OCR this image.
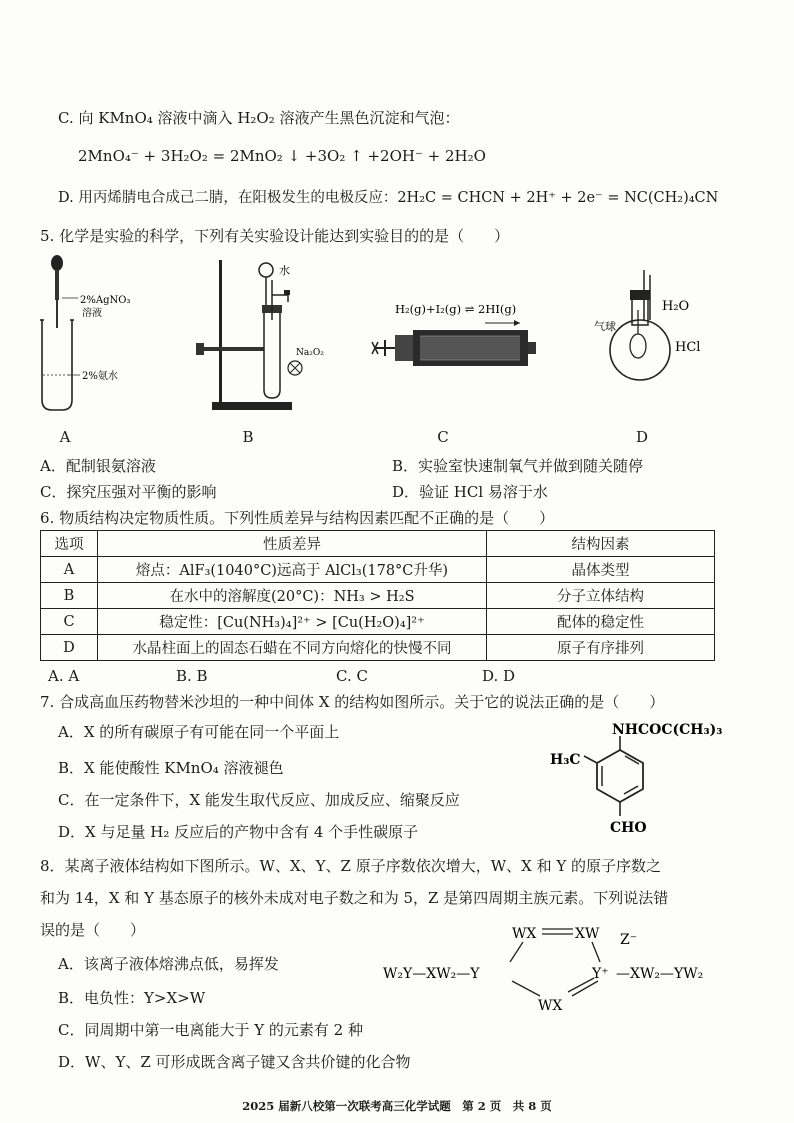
C. 向 KMnO₄ 溶液中滴入 H₂O₂ 溶液产生黑色沉淀和气泡：
2MnO₄⁻ + 3H₂O₂ = 2MnO₂ ↓ +3O₂ ↑ +2OH⁻ + 2H₂O
D. 用丙烯腈电合成己二腈，在阳极发生的电极反应：2H₂C = CHCN + 2H⁺ + 2e⁻ = NC(CH₂)₄CN
5. 化学是实验的科学，下列有关实验设计能达到实验目的的是（　　）
2%AgNO₃
溶液
2%氨水
水
Na₂O₂
H₂(g)+I₂(g) ⇌ 2HI(g)	H₂O
气球
HCl
A	B	C	D
A．配制银氨溶液	B．实验室快速制氧气并做到随关随停
C．探究压强对平衡的影响	D．验证 HCl 易溶于水
6. 物质结构决定物质性质。下列性质差异与结构因素匹配不正确的是（　　）
选项	性质差异	结构因素
A	熔点：AlF₃(1040°C)远高于 AlCl₃(178°C升华)	晶体类型
B	在水中的溶解度(20°C)：NH₃ > H₂S	分子立体结构
C	稳定性：[Cu(NH₃)₄]²⁺ > [Cu(H₂O)₄]²⁺	配体的稳定性
D	水晶柱面上的固态石蜡在不同方向熔化的快慢不同	原子有序排列
A. A	B. B	C. C	D. D
7. 合成高血压药物替米沙坦的一种中间体 X 的结构如图所示。关于它的说法正确的是（　　）
A．X 的所有碳原子有可能在同一个平面上
B．X 能使酸性 KMnO₄ 溶液褪色
C．在一定条件下，X 能发生取代反应、加成反应、缩聚反应
D．X 与足量 H₂ 反应后的产物中含有 4 个手性碳原子
NHCOC(CH₃)₃
H₃C
CHO
8．某离子液体结构如下图所示。W、X、Y、Z 原子序数依次增大，W、X 和 Y 的原子序数之
和为 14，X 和 Y 基态原子的核外未成对电子数之和为 5，Z 是第四周期主族元素。下列说法错
误的是（　　）
A．该离子液体熔沸点低，易挥发
B．电负性：Y>X>W
C．同周期中第一电离能大于 Y 的元素有 2 种
D．W、Y、Z 可形成既含离子键又含共价键的化合物
WX	XW Z⁻
W₂Y—XW₂—Y	Y⁺ —XW₂—YW₂
WX
2025 届新八校第一次联考高三化学试题　第 2 页　共 8 页
